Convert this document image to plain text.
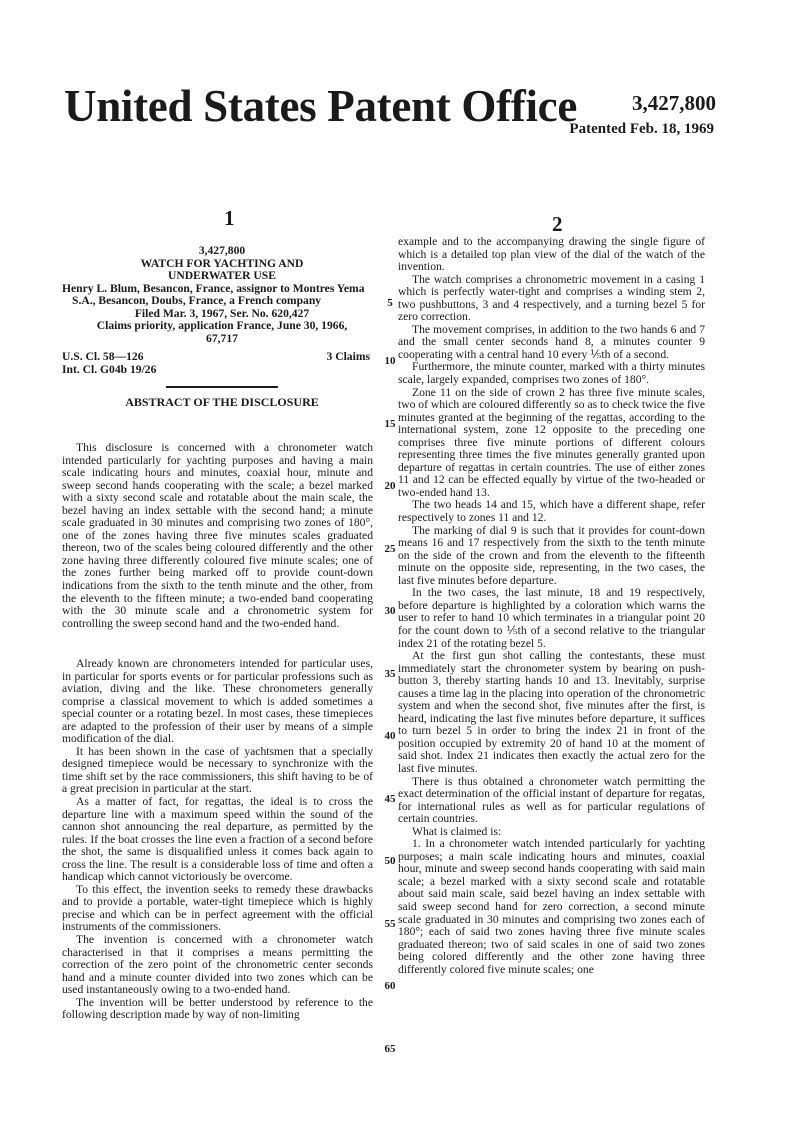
United States Patent Office	3,427,800
Patented Feb. 18, 1969
1	2
3,427,800
WATCH FOR YACHTING AND
UNDERWATER USE
Henry L. Blum, Besancon, France, assignor to Montres Yema S.A., Besancon, Doubs, France, a French company
Filed Mar. 3, 1967, Ser. No. 620,427
Claims priority, application France, June 30, 1966,
67,717
U.S. Cl. 58—126	3 Claims
Int. Cl. G04b 19/26
ABSTRACT OF THE DISCLOSURE

This disclosure is concerned with a chronometer watch intended particularly for yachting purposes and having a main scale indicating hours and minutes, coaxial hour, minute and sweep second hands cooperating with the scale; a bezel marked with a sixty second scale and rotatable about the main scale, the bezel having an index settable with the second hand; a minute scale graduated in 30 minutes and comprising two zones of 180°, one of the zones having three five minutes scales graduated thereon, two of the scales being coloured differently and the other zone having three differently coloured five minute scales; one of the zones further being marked off to provide count-down indications from the sixth to the tenth minute and the other, from the eleventh to the fifteen minute; a two-ended band cooperating with the 30 minute scale and a chronometric system for controlling the sweep second hand and the two-ended hand.

Already known are chronometers intended for particular uses, in particular for sports events or for particular professions such as aviation, diving and the like. These chronometers generally comprise a classical movement to which is added sometimes a special counter or a rotating bezel. In most cases, these timepieces are adapted to the profession of their user by means of a simple modification of the dial.

It has been shown in the case of yachtsmen that a specially designed timepiece would be necessary to synchronize with the time shift set by the race commissioners, this shift having to be of a great precision in particular at the start.

As a matter of fact, for regattas, the ideal is to cross the departure line with a maximum speed within the sound of the cannon shot announcing the real departure, as permitted by the rules. If the boat crosses the line even a fraction of a second before the shot, the same is disqualified unless it comes back again to cross the line. The result is a considerable loss of time and often a handicap which cannot victoriously be overcome.

To this effect, the invention seeks to remedy these drawbacks and to provide a portable, water-tight timepiece which is highly precise and which can be in perfect agreement with the official instruments of the commissioners.

The invention is concerned with a chronometer watch characterised in that it comprises a means permitting the correction of the zero point of the chronometric center seconds hand and a minute counter divided into two zones which can be used instantaneously owing to a two-ended hand.

The invention will be better understood by reference to the following description made by way of non-limiting

example and to the accompanying drawing the single figure of which is a detailed top plan view of the dial of the watch of the invention.

The watch comprises a chronometric movement in a casing 1 which is perfectly water-tight and comprises a winding stem 2, two pushbuttons, 3 and 4 respectively, and a turning bezel 5 for zero correction.

The movement comprises, in addition to the two hands 6 and 7 and the small center seconds hand 8, a minutes counter 9 cooperating with a central hand 10 every ⅕th of a second.

Furthermore, the minute counter, marked with a thirty minutes scale, largely expanded, comprises two zones of 180°.

Zone 11 on the side of crown 2 has three five minute scales, two of which are coloured differently so as to check twice the five minutes granted at the beginning of the regattas, according to the international system, zone 12 opposite to the preceding one comprises three five minute portions of different colours representing three times the five minutes generally granted upon departure of regattas in certain countries. The use of either zones 11 and 12 can be effected equally by virtue of the two-headed or two-ended hand 13.

The two heads 14 and 15, which have a different shape, refer respectively to zones 11 and 12.

The marking of dial 9 is such that it provides for count-down means 16 and 17 respectively from the sixth to the tenth minute on the side of the crown and from the eleventh to the fifteenth minute on the opposite side, representing, in the two cases, the last five minutes before departure.

In the two cases, the last minute, 18 and 19 respectively, before departure is highlighted by a coloration which warns the user to refer to hand 10 which terminates in a triangular point 20 for the count down to ⅕th of a second relative to the triangular index 21 of the rotating bezel 5.

At the first gun shot calling the contestants, these must immediately start the chronometer system by bearing on push-button 3, thereby starting hands 10 and 13. Inevitably, surprise causes a time lag in the placing into operation of the chronometric system and when the second shot, five minutes after the first, is heard, indicating the last five minutes before departure, it suffices to turn bezel 5 in order to bring the index 21 in front of the position occupied by extremity 20 of hand 10 at the moment of said shot. Index 21 indicates then exactly the actual zero for the last five minutes.

There is thus obtained a chronometer watch permitting the exact determination of the official instant of departure for regatas, for international rules as well as for particular regulations of certain countries.

What is claimed is:

1. In a chronometer watch intended particularly for yachting purposes; a main scale indicating hours and minutes, coaxial hour, minute and sweep second hands cooperating with said main scale; a bezel marked with a sixty second scale and rotatable about said main scale, said bezel having an index settable with said sweep second hand for zero correction, a second minute scale graduated in 30 minutes and comprising two zones each of 180°; each of said two zones having three five minute scales graduated thereon; two of said scales in one of said two zones being colored differently and the other zone having three differently colored five minute scales; one

5
10
15
20
25
30
35
40
45
50
55
60
65
